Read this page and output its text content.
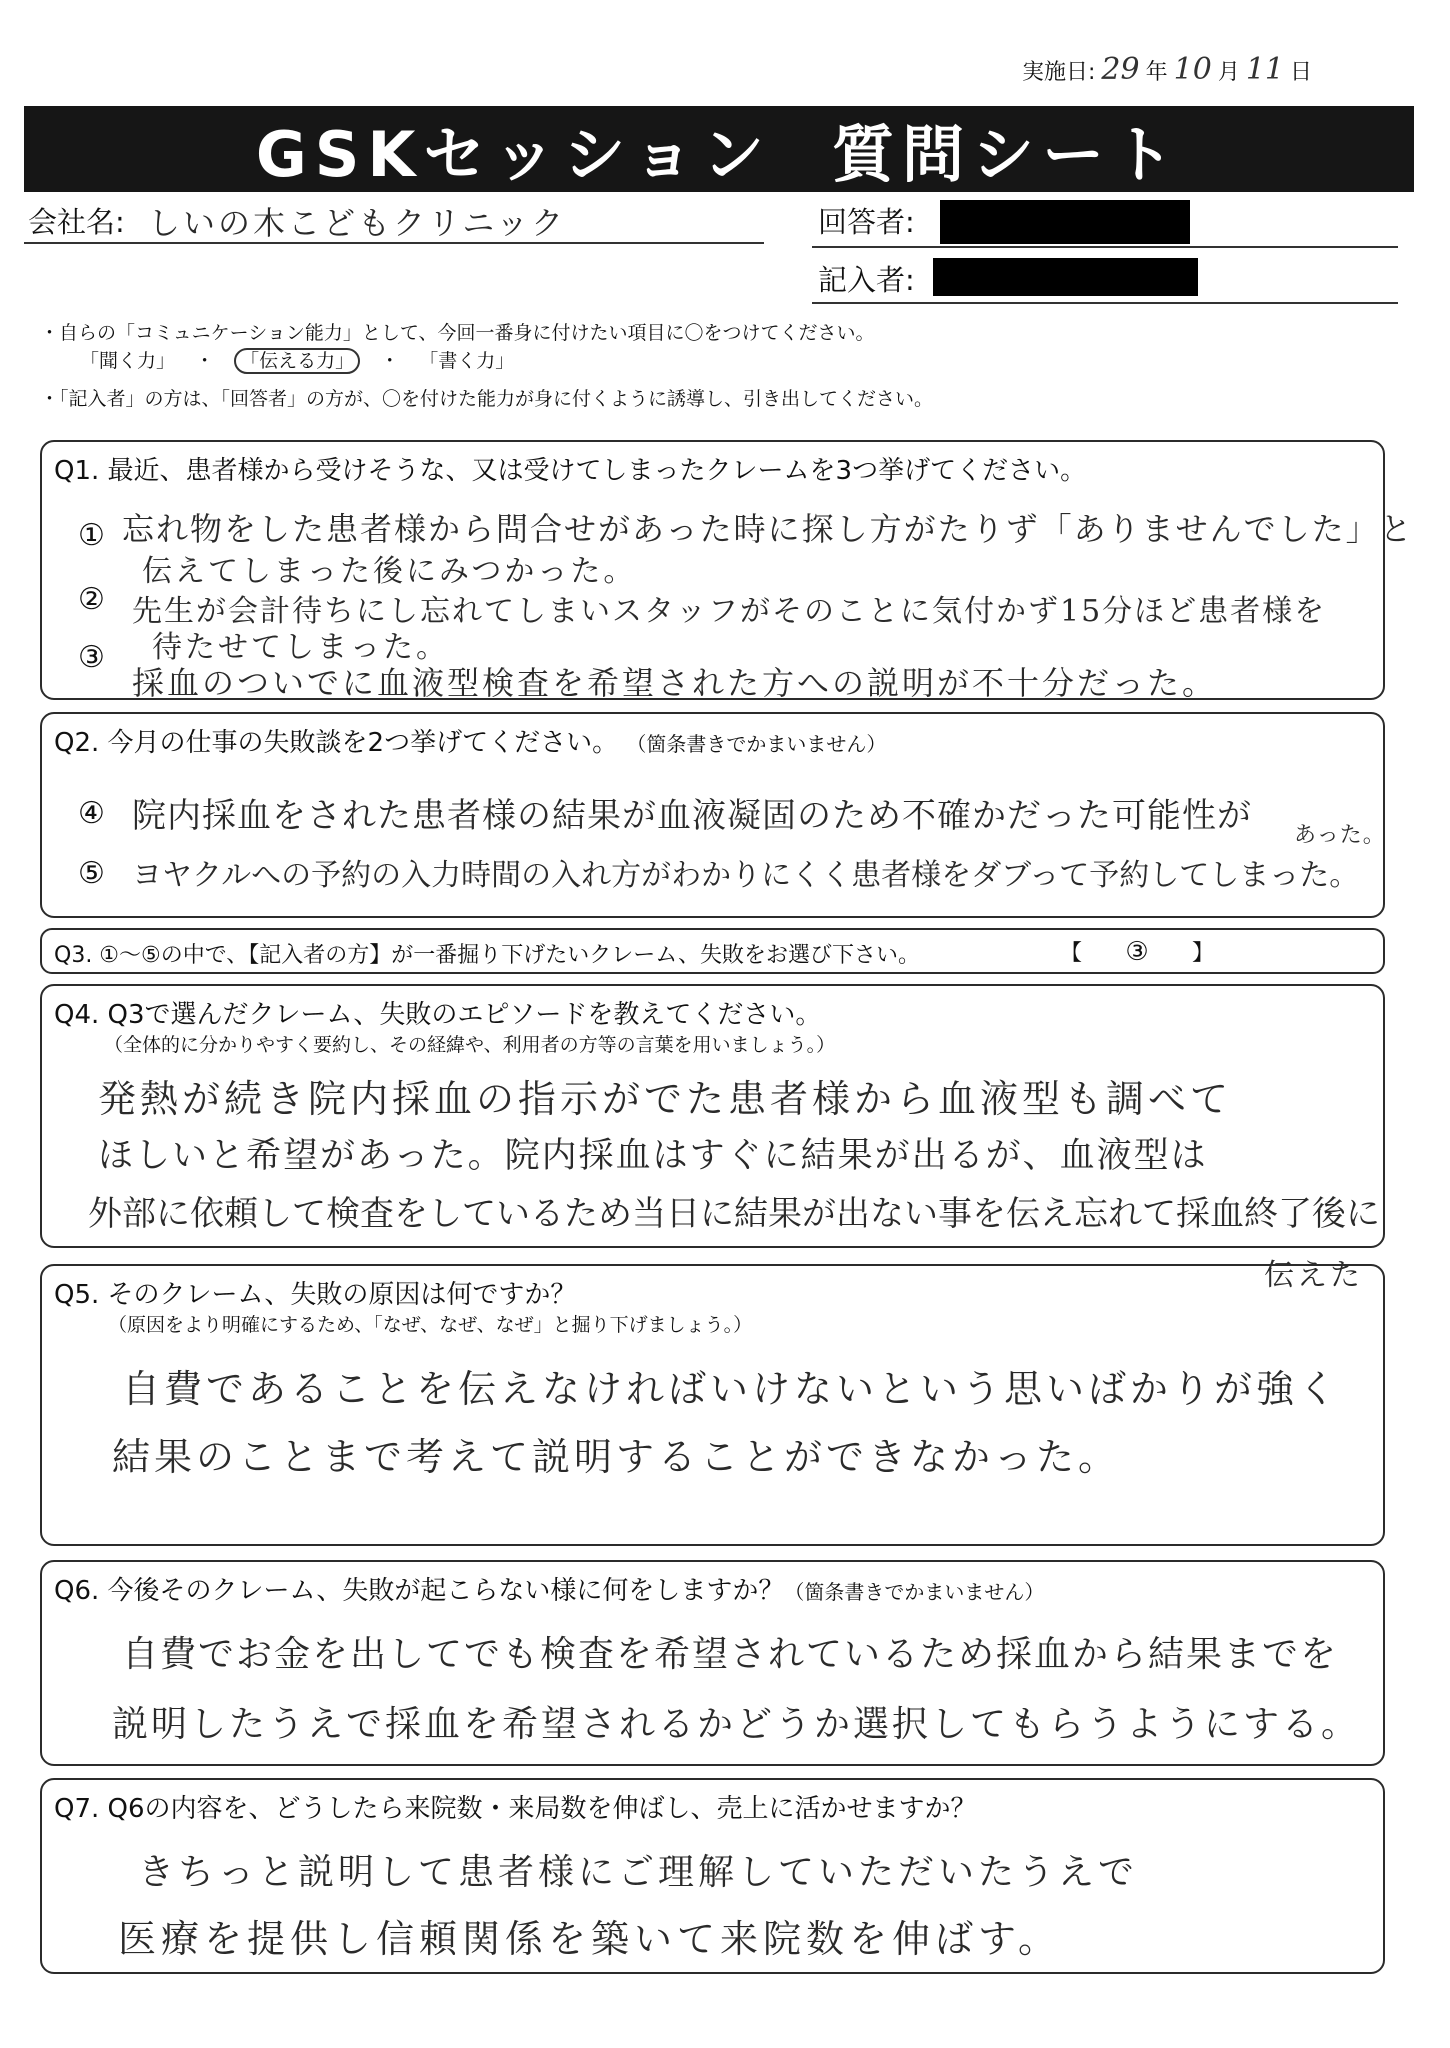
実施日: 29 年 10 月 11 日
GSKセッション 質問シート
会社名: しいの木こどもクリニック	回答者:
記入者:
・自らの「コミュニケーション能力」として、今回一番身に付けたい項目に〇をつけてください。
「聞く力」 ・ 「伝える力」 ・ 「書く力」
・「記入者」の方は、「回答者」の方が、〇を付けた能力が身に付くように誘導し、引き出してください。
Q1. 最近、患者様から受けそうな、又は受けてしまったクレームを3つ挙げてください。
①
②
③
忘れ物をした患者様から問合せがあった時に探し方がたりず「ありませんでした」と
伝えてしまった後にみつかった。
先生が会計待ちにし忘れてしまいスタッフがそのことに気付かず15分ほど患者様を
待たせてしまった。
採血のついでに血液型検査を希望された方への説明が不十分だった。
Q2. 今月の仕事の失敗談を2つ挙げてください。 （箇条書きでかまいません）
④
⑤
院内採血をされた患者様の結果が血液凝固のため不確かだった可能性が あった。
ヨヤクルへの予約の入力時間の入れ方がわかりにくく患者様をダブって予約してしまった。
Q3. ①～⑤の中で、【記入者の方】が一番掘り下げたいクレーム、失敗をお選び下さい。	【 ③ 】
Q4. Q3で選んだクレーム、失敗のエピソードを教えてください。
（全体的に分かりやすく要約し、その経緯や、利用者の方等の言葉を用いましょう。）
発熱が続き院内採血の指示がでた患者様から血液型も調べて
ほしいと希望があった。院内採血はすぐに結果が出るが、血液型は
外部に依頼して検査をしているため当日に結果が出ない事を伝え忘れて採血終了後に
伝えた
Q5. そのクレーム、失敗の原因は何ですか？
（原因をより明確にするため、「なぜ、なぜ、なぜ」と掘り下げましょう。）
自費であることを伝えなければいけないという思いばかりが強く
結果のことまで考えて説明することができなかった。
Q6. 今後そのクレーム、失敗が起こらない様に何をしますか？（箇条書きでかまいません）
自費でお金を出してでも検査を希望されているため採血から結果までを
説明したうえで採血を希望されるかどうか選択してもらうようにする。
Q7. Q6の内容を、どうしたら来院数・来局数を伸ばし、売上に活かせますか？
きちっと説明して患者様にご理解していただいたうえで
医療を提供し信頼関係を築いて来院数を伸ばす。
